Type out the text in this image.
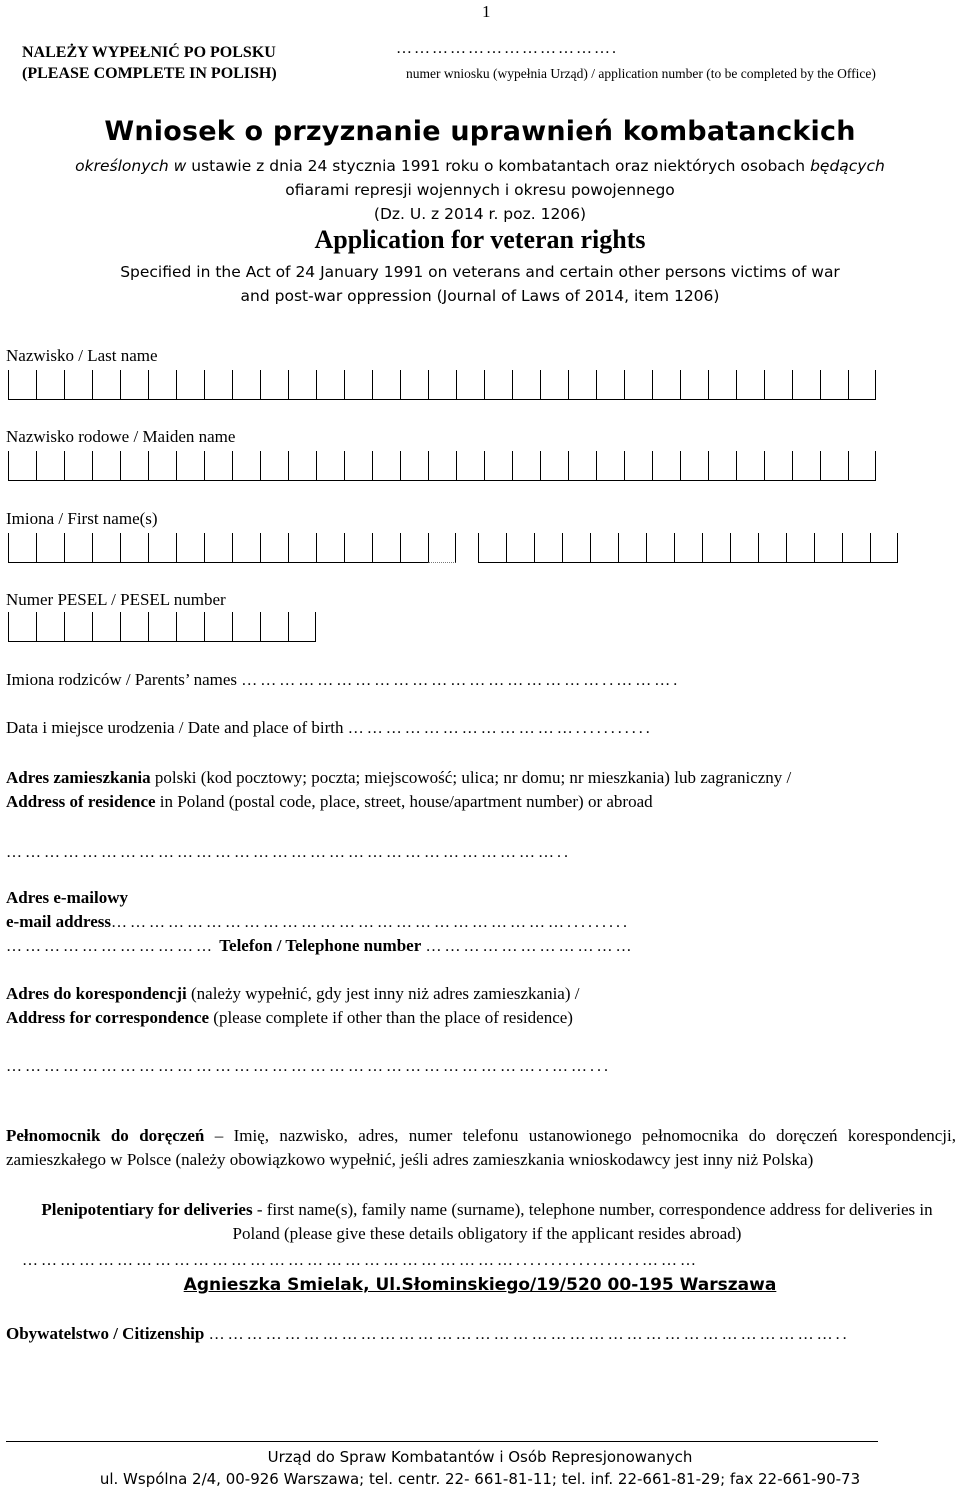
1
NALEŻY WYPEŁNIĆ PO POLSKU
(PLEASE COMPLETE IN POLISH)
……………………………….
numer wniosku (wypełnia Urząd) / application number (to be completed by the Office)
Wniosek o przyznanie uprawnień kombatanckich
określonych w ustawie z dnia 24 stycznia 1991 roku o kombatantach oraz niektórych osobach będących
ofiarami represji wojennych i okresu powojennego
(Dz. U. z 2014 r. poz. 1206)
Application for veteran rights
Specified in the Act of 24 January 1991 on veterans and certain other persons victims of war
and post-war oppression (Journal of Laws of 2014, item 1206)
Nazwisko / Last name
Nazwisko rodowe / Maiden name
Imiona / First name(s)
Numer PESEL / PESEL number
Imiona rodziców / Parents’ names …………………………………………………..……….
Data i miejsce urodzenia / Date and place of birth ………………………………...........
Adres zamieszkania polski (kod pocztowy; poczta; miejscowość; ulica; nr domu; nr mieszkania) lub zagraniczny /
Address of residence in Poland (postal code, place, street, house/apartment number) or abroad
……………………………………………………………………………..
Adres e-mailowy
e-mail address……………………………………………………………….........
…………………………… Telefon / Telephone number ……………………………
Adres do korespondencji (należy wypełnić, gdy jest inny niż adres zamieszkania) /
Address for correspondence (please complete if other than the place of residence)
…………………………………………………………………………..……...
Pełnomocnik do doręczeń – Imię, nazwisko, adres, numer telefonu ustanowionego pełnomocnika do doręczeń korespondencji, zamieszkałego w Polsce (należy obowiązkowo wypełnić, jeśli adres zamieszkania wnioskodawcy jest inny niż Polska)
Plenipotentiary for deliveries - first name(s), family name (surname), telephone number, correspondence address for deliveries in Poland (please give these details obligatory if the applicant resides abroad)
……………………………………………………………………..................………
Agnieszka Smielak, Ul.Słominskiego/19/520 00-195 Warszawa
Obywatelstwo / Citizenship ………………………………………………………………………………………..
Urząd do Spraw Kombatantów i Osób Represjonowanych
ul. Wspólna 2/4, 00-926 Warszawa; tel. centr. 22- 661-81-11; tel. inf. 22-661-81-29; fax 22-661-90-73
